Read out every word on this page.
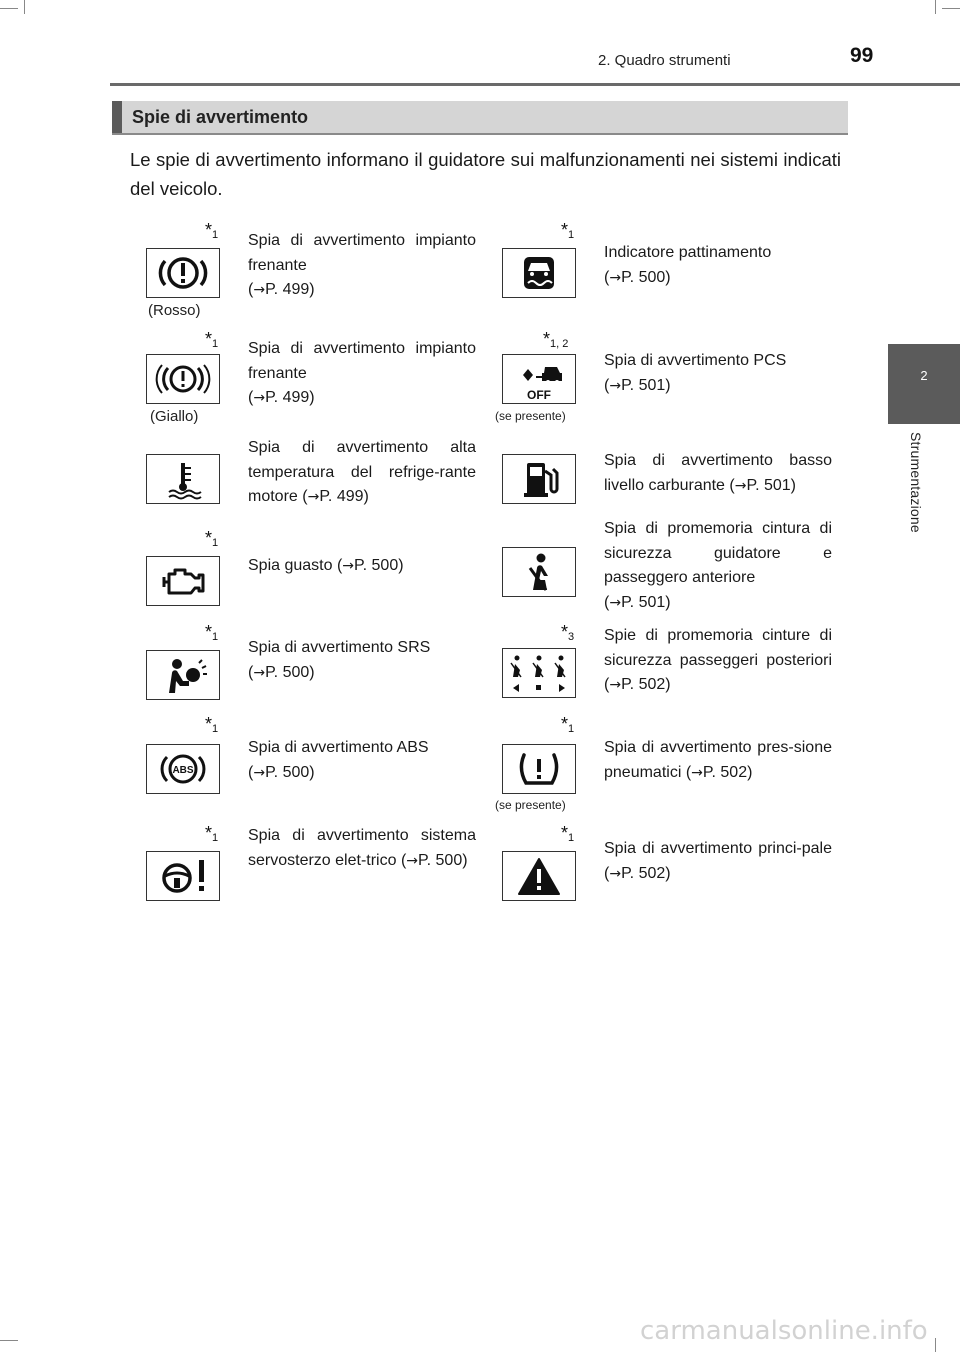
2. Quadro strumenti	99
2
Strumentazione
Spie di avvertimento
Le spie di avvertimento informano il guidatore sui malfunzionamenti nei sistemi indicati del veicolo.
$*_1$
(Rosso)
Spia di avvertimento impianto frenante
(→P. 499)
$*_1$
Indicatore pattinamento
(→P. 500)
$*_1$
(Giallo)
Spia di avvertimento impianto frenante
(→P. 499)
$*_{1, 2}$
OFF
(se presente)
Spia di avvertimento PCS
(→P. 501)
Spia di avvertimento alta temperatura del refrige-rante motore (→P. 499)
Spia di avvertimento basso livello carburante (→P. 501)
$*_1$
Spia guasto (→P. 500)
Spia di promemoria cintura di sicurezza guidatore e passeggero anteriore
(→P. 501)
$*_1$
Spia di avvertimento SRS
(→P. 500)
$*_3$ Spie di promemoria cinture di sicurezza passeggeri posteriori (→P. 502)
$*_1$
ABS
Spia di avvertimento ABS
(→P. 500)
$*_1$
(se presente)
Spia di avvertimento pres-sione pneumatici (→P. 502)
$*_1$ Spia di avvertimento sistema servosterzo elet-trico (→P. 500)
$*_1$
Spia di avvertimento princi-pale (→P. 502)
carmanualsonline.info
